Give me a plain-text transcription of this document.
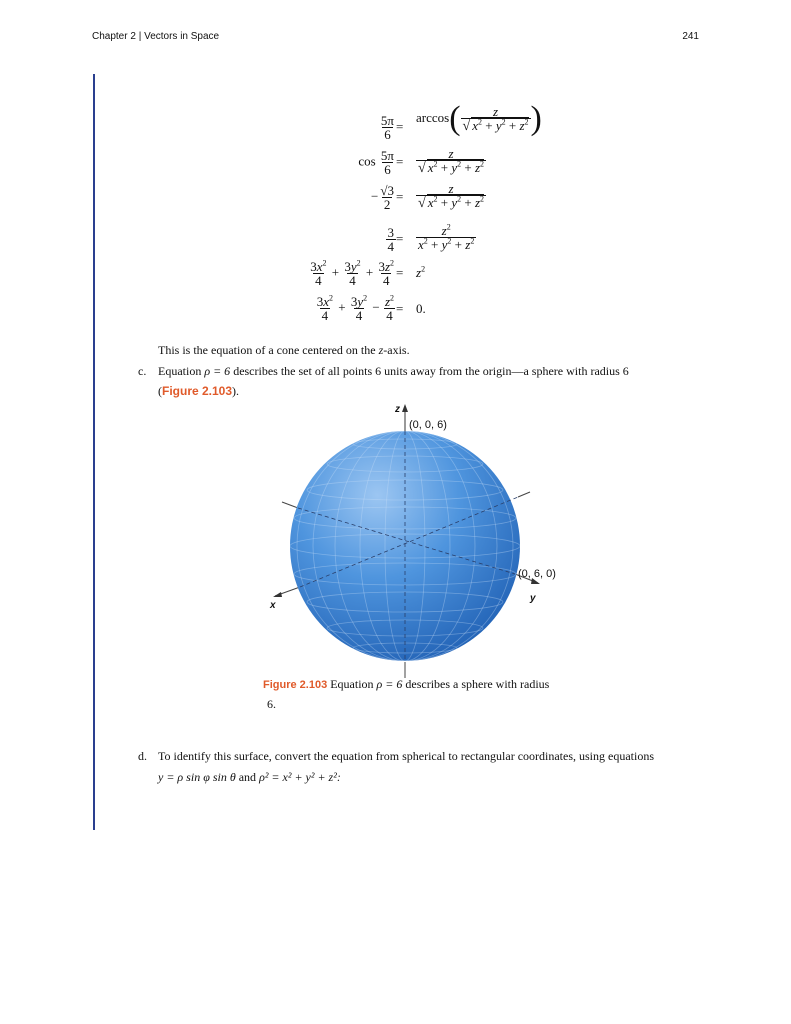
Chapter 2 | Vectors in Space	241
$\frac{5\pi}{6}$ =
$\arccos( \frac{z}{√ x^2 + y^2 + z^2}$ )
$\cos \frac{5\pi}{6} = \frac{z}{√ x^2 + y^2 + z^2}$
− $\frac{√3}{2} = \frac{z}{√ x^2 + y^2 + z^2}$
$\frac{3}{4} = \frac{z^2}{x^2 + y^2 + z^2}$
$\frac{3x^2}{4} + \frac{3y^2}{4} + \frac{3z^2}{4} = z^2$
$\frac{3x^2}{4} + \frac{3y^2}{4} - \frac{z^2}{4} = 0$.
This is the equation of a cone centered on the z-axis.
c. Equation ρ = 6 describes the set of all points 6 units away from the origin—a sphere with radius 6
(Figure 2.103).
z
x
y
(0, 0, 6)
(0, 6, 0)
Figure 2.103 Equation ρ = 6 describes a sphere with radius
6.
d. To identify this surface, convert the equation from spherical to rectangular coordinates, using equations
y = ρ sin φ sin θ and ρ² = x² + y² + z²:
